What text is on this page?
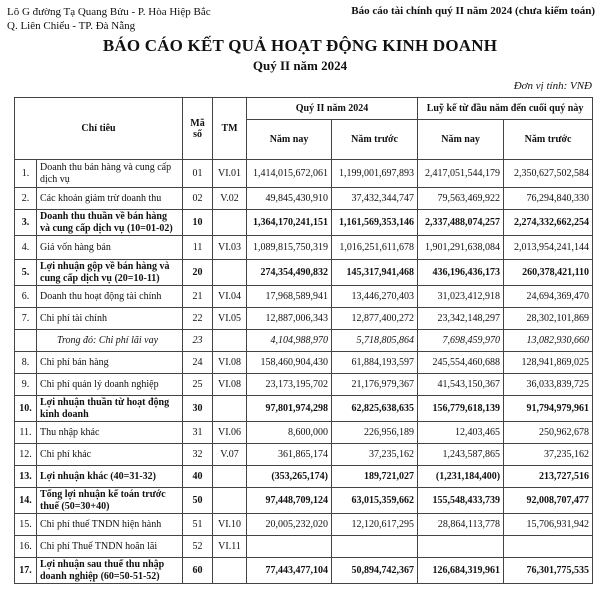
Lô G đường Tạ Quang Bửu - P. Hòa Hiệp Bắc
Q. Liên Chiểu - TP. Đà Nẵng
Báo cáo tài chính quý II năm 2024 (chưa kiểm toán)
BÁO CÁO KẾT QUẢ HOẠT ĐỘNG KINH DOANH
Quý II năm 2024
Đơn vị tính: VNĐ
Chỉ tiêu		Mã số	TM	Quý II năm 2024		Luỹ kế từ đầu năm đến cuối quý này	
				Năm nay	Năm trước	Năm nay	Năm trước
1.	Doanh thu bán hàng và cung cấp dịch vụ	01	VI.01	1,414,015,672,061	1,199,001,697,893	2,417,051,544,179	2,350,627,502,584
2.	Các khoản giảm trừ doanh thu	02	V.02	49,845,430,910	37,432,344,747	79,563,469,922	76,294,840,330
3.	Doanh thu thuần về bán hàng và cung cấp dịch vụ (10=01-02)	10		1,364,170,241,151	1,161,569,353,146	2,337,488,074,257	2,274,332,662,254
4.	Giá vốn hàng bán	11	VI.03	1,089,815,750,319	1,016,251,611,678	1,901,291,638,084	2,013,954,241,144
5.	Lợi nhuận gộp về bán hàng và cung cấp dịch vụ (20=10-11)	20		274,354,490,832	145,317,941,468	436,196,436,173	260,378,421,110
6.	Doanh thu hoạt động tài chính	21	VI.04	17,968,589,941	13,446,270,403	31,023,412,918	24,694,369,470
7.	Chi phí tài chính	22	VI.05	12,887,006,343	12,877,400,272	23,342,148,297	28,302,101,869
	Trong đó: Chi phí lãi vay	23		4,104,988,970	5,718,805,864	7,698,459,970	13,082,930,660
8.	Chi phí bán hàng	24	VI.08	158,460,904,430	61,884,193,597	245,554,460,688	128,941,869,025
9.	Chi phí quản lý doanh nghiệp	25	VI.08	23,173,195,702	21,176,979,367	41,543,150,367	36,033,839,725
10.	Lợi nhuận thuần từ hoạt động kinh doanh	30		97,801,974,298	62,825,638,635	156,779,618,139	91,794,979,961
11.	Thu nhập khác	31	VI.06	8,600,000	226,956,189	12,403,465	250,962,678
12.	Chi phí khác	32	V.07	361,865,174	37,235,162	1,243,587,865	37,235,162
13.	Lợi nhuận khác (40=31-32)	40		(353,265,174)	189,721,027	(1,231,184,400)	213,727,516
14.	Tổng lợi nhuận kế toán trước thuế (50=30+40)	50		97,448,709,124	63,015,359,662	155,548,433,739	92,008,707,477
15.	Chi phí thuế TNDN hiện hành	51	VI.10	20,005,232,020	12,120,617,295	28,864,113,778	15,706,931,942
16.	Chi phí Thuế TNDN hoãn lãi	52	VI.11				
17.	Lợi nhuận sau thuế thu nhập doanh nghiệp (60=50-51-52)	60		77,443,477,104	50,894,742,367	126,684,319,961	76,301,775,535
